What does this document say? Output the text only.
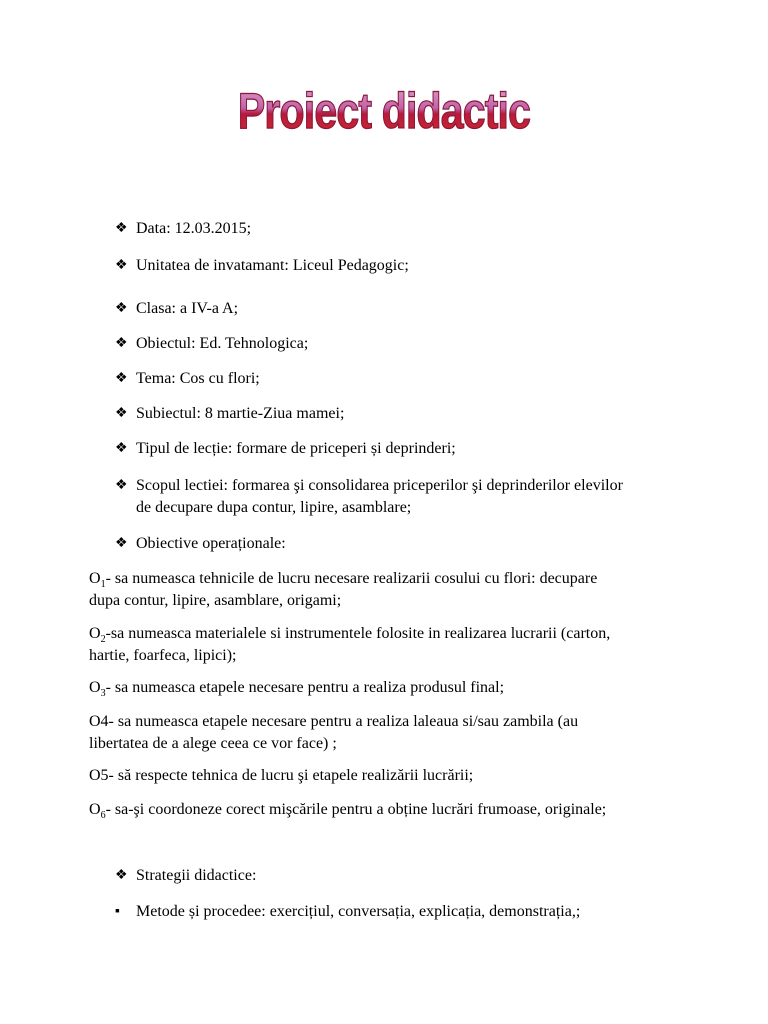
Proiect didactic
❖ Data: 12.03.2015;
❖ Unitatea de invatamant: Liceul Pedagogic;
❖ Clasa: a IV-a A;
❖ Obiectul: Ed. Tehnologica;
❖ Tema: Cos cu flori;
❖ Subiectul: 8 martie-Ziua mamei;
❖ Tipul de lecție: formare de priceperi și deprinderi;
❖ Scopul lectiei: formarea şi consolidarea priceperilor şi deprinderilor elevilor
de decupare dupa contur, lipire, asamblare;
❖ Obiective operaționale:
$O_1-$ sa numeasca tehnicile de lucru necesare realizarii cosului cu flori: decupare
dupa contur, lipire, asamblare, origami;
$O_2-sa$ numeasca materialele si instrumentele folosite in realizarea lucrarii (carton,
hartie, foarfeca, lipici);
$O_3-$ sa numeasca etapele necesare pentru a realiza produsul final;
O4- sa numeasca etapele necesare pentru a realiza laleaua si/sau zambila (au
libertatea de a alege ceea ce vor face) ;
O5- să respecte tehnica de lucru şi etapele realizării lucrării;
$O_6-$ sa-şi coordoneze corect mişcările pentru a obține lucrări frumoase, originale;
❖ Strategii didactice:
▪	Metode și procedee: exercițiul, conversația, explicația, demonstrația,;
